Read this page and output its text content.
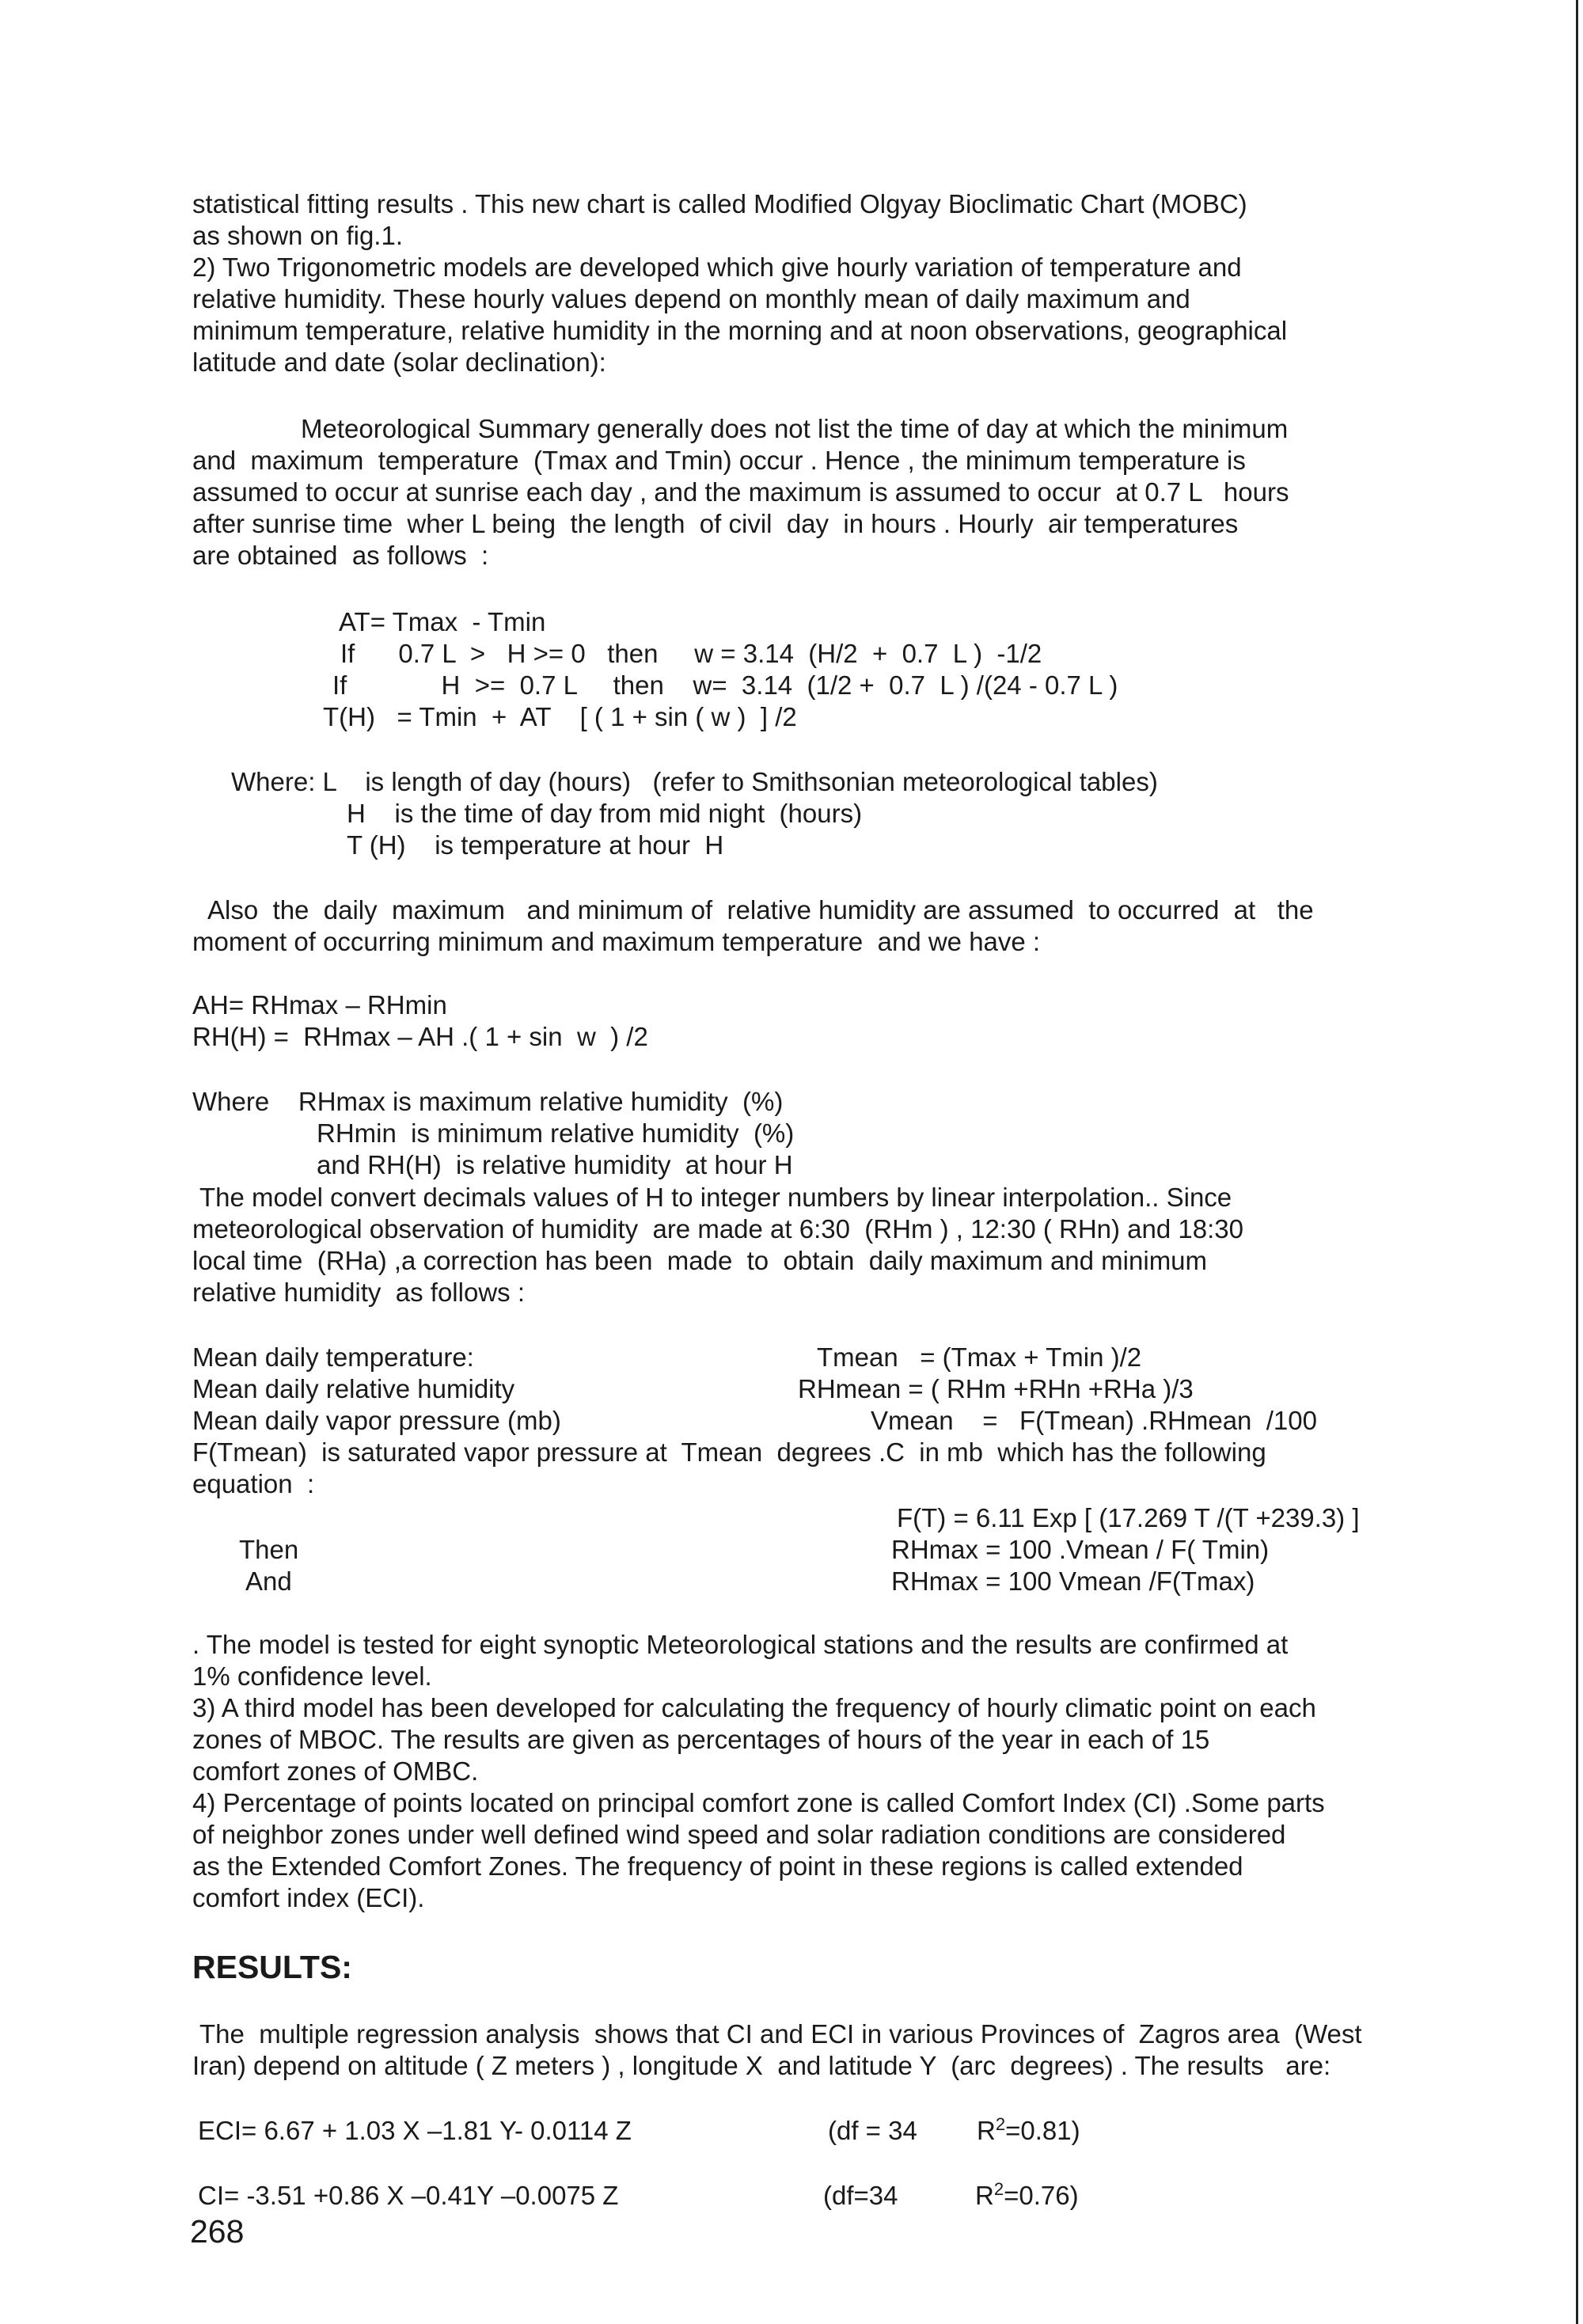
statistical fitting results . This new chart is called Modified Olgyay Bioclimatic Chart (MOBC)
as shown on fig.1.
2) Two Trigonometric models are developed which give hourly variation of temperature and
relative humidity. These hourly values depend on monthly mean of daily maximum and
minimum temperature, relative humidity in the morning and at noon observations, geographical
latitude and date (solar declination):
Meteorological Summary generally does not list the time of day at which the minimum
and  maximum  temperature  (Tmax and Tmin) occur . Hence , the minimum temperature is
assumed to occur at sunrise each day , and the maximum is assumed to occur  at 0.7 L   hours
after sunrise time  wher L being  the length  of civil  day  in hours . Hourly  air temperatures
are obtained  as follows  :
AT= Tmax  - Tmin
If      0.7 L  >   H >= 0   then     w = 3.14  (H/2  +  0.7  L )  -1/2
If             H  >=  0.7 L     then    w=  3.14  (1/2 +  0.7  L ) /(24 - 0.7 L )
T(H)   = Tmin  +  AT    [ ( 1 + sin ( w )  ] /2
Where: L    is length of day (hours)   (refer to Smithsonian meteorological tables)
H    is the time of day from mid night  (hours)
T (H)    is temperature at hour  H
Also  the  daily  maximum   and minimum of  relative humidity are assumed  to occurred  at   the
moment of occurring minimum and maximum temperature  and we have :
AH= RHmax – RHmin
RH(H) =  RHmax – AH .( 1 + sin  w  ) /2
Where    RHmax is maximum relative humidity  (%)
RHmin  is minimum relative humidity  (%)
and RH(H)  is relative humidity  at hour H
The model convert decimals values of H to integer numbers by linear interpolation.. Since
meteorological observation of humidity  are made at 6:30  (RHm ) , 12:30 ( RHn) and 18:30
local time  (RHa) ,a correction has been  made  to  obtain  daily maximum and minimum
relative humidity  as follows :
Mean daily temperature:	Tmean   = (Tmax + Tmin )/2
Mean daily relative humidity	RHmean = ( RHm +RHn +RHa )/3
Mean daily vapor pressure (mb)	Vmean    =   F(Tmean) .RHmean  /100
F(Tmean)  is saturated vapor pressure at  Tmean  degrees .C  in mb  which has the following
equation  :
F(T) = 6.11 Exp [ (17.269 T /(T +239.3) ]
Then	RHmax = 100 .Vmean / F( Tmin)
And	RHmax = 100 Vmean /F(Tmax)
. The model is tested for eight synoptic Meteorological stations and the results are confirmed at
1% confidence level.
3) A third model has been developed for calculating the frequency of hourly climatic point on each
zones of MBOC. The results are given as percentages of hours of the year in each of 15
comfort zones of OMBC.
4) Percentage of points located on principal comfort zone is called Comfort Index (CI) .Some parts
of neighbor zones under well defined wind speed and solar radiation conditions are considered
as the Extended Comfort Zones. The frequency of point in these regions is called extended
comfort index (ECI).
RESULTS:
The  multiple regression analysis  shows that CI and ECI in various Provinces of  Zagros area  (West
Iran) depend on altitude ( Z meters ) , longitude X  and latitude Y  (arc  degrees) . The results   are:
ECI= 6.67 + 1.03 X –1.81 Y- 0.0114 Z	(df = 34 $R^2=0.81$)
CI= -3.51 +0.86 X –0.41Y –0.0075 Z	(df=34	$R^2=0.76$)
268
